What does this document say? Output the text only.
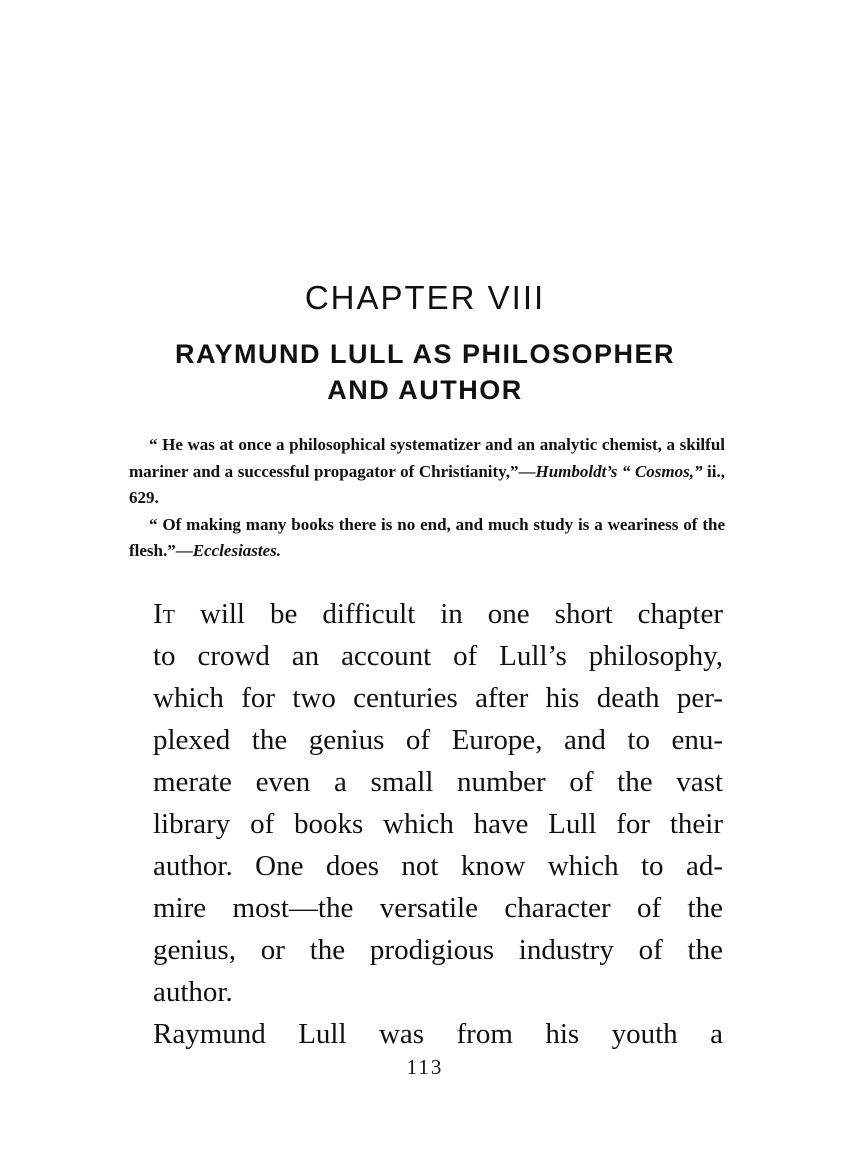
CHAPTER VIII
RAYMUND LULL AS PHILOSOPHER
AND AUTHOR

“ He was at once a philosophical systematizer and an analytic chemist, a skilful mariner and a successful propagator of Christianity,”—Humboldt’s “ Cosmos,” ii., 629.

“ Of making many books there is no end, and much study is a weariness of the flesh.”—Ecclesiastes.

It will be difficult in one short chapter
to crowd an account of Lull’s philosophy,
which for two centuries after his death per-
plexed the genius of Europe, and to enu-
merate even a small number of the vast
library of books which have Lull for their
author. One does not know which to ad-
mire most—the versatile character of the
genius, or the prodigious industry of the
author.

Raymund Lull was from his youth a

113
